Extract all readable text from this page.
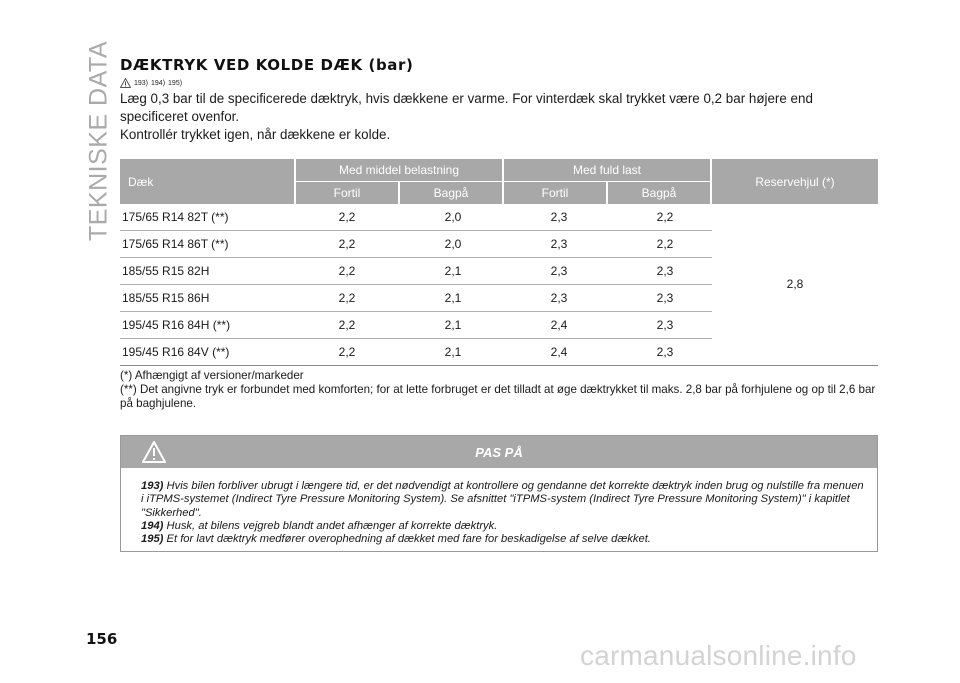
TEKNISKE DATA DÆKTRYK VED KOLDE DÆK (bar)
193) 194) 195)

Læg 0,3 bar til de specificerede dæktryk, hvis dækkene er varme. For vinterdæk skal trykket være 0,2 bar højere end specificeret ovenfor.

Kontrollér trykket igen, når dækkene er kolde.

Dæk
Med middel belastning	Med fuld last
Fortil	Bagpå	Fortil	Bagpå
Reservehjul (*)
175/65 R14 82T (**)	2,2	2,0	2,3	2,2
175/65 R14 86T (**)	2,2	2,0	2,3	2,2
185/55 R15 82H	2,2	2,1	2,3	2,3
185/55 R15 86H	2,2	2,1	2,3	2,3
195/45 R16 84H (**)	2,2	2,1	2,4	2,3
195/45 R16 84V (**)	2,2	2,1	2,4	2,3
2,8

(*) Afhængigt af versioner/markeder

(**) Det angivne tryk er forbundet med komforten; for at lette forbruget er det tilladt at øge dæktrykket til maks. 2,8 bar på forhjulene og op til 2,6 bar på baghjulene.

PAS PÅ

193) Hvis bilen forbliver ubrugt i længere tid, er det nødvendigt at kontrollere og gendanne det korrekte dæktryk inden brug og nulstille fra menuen i iTPMS-systemet (Indirect Tyre Pressure Monitoring System). Se afsnittet "iTPMS-system (Indirect Tyre Pressure Monitoring System)" i kapitlet "Sikkerhed".

194) Husk, at bilens vejgreb blandt andet afhænger af korrekte dæktryk.

195) Et for lavt dæktryk medfører overophedning af dækket med fare for beskadigelse af selve dækket.

156
carmanualsonline.info
